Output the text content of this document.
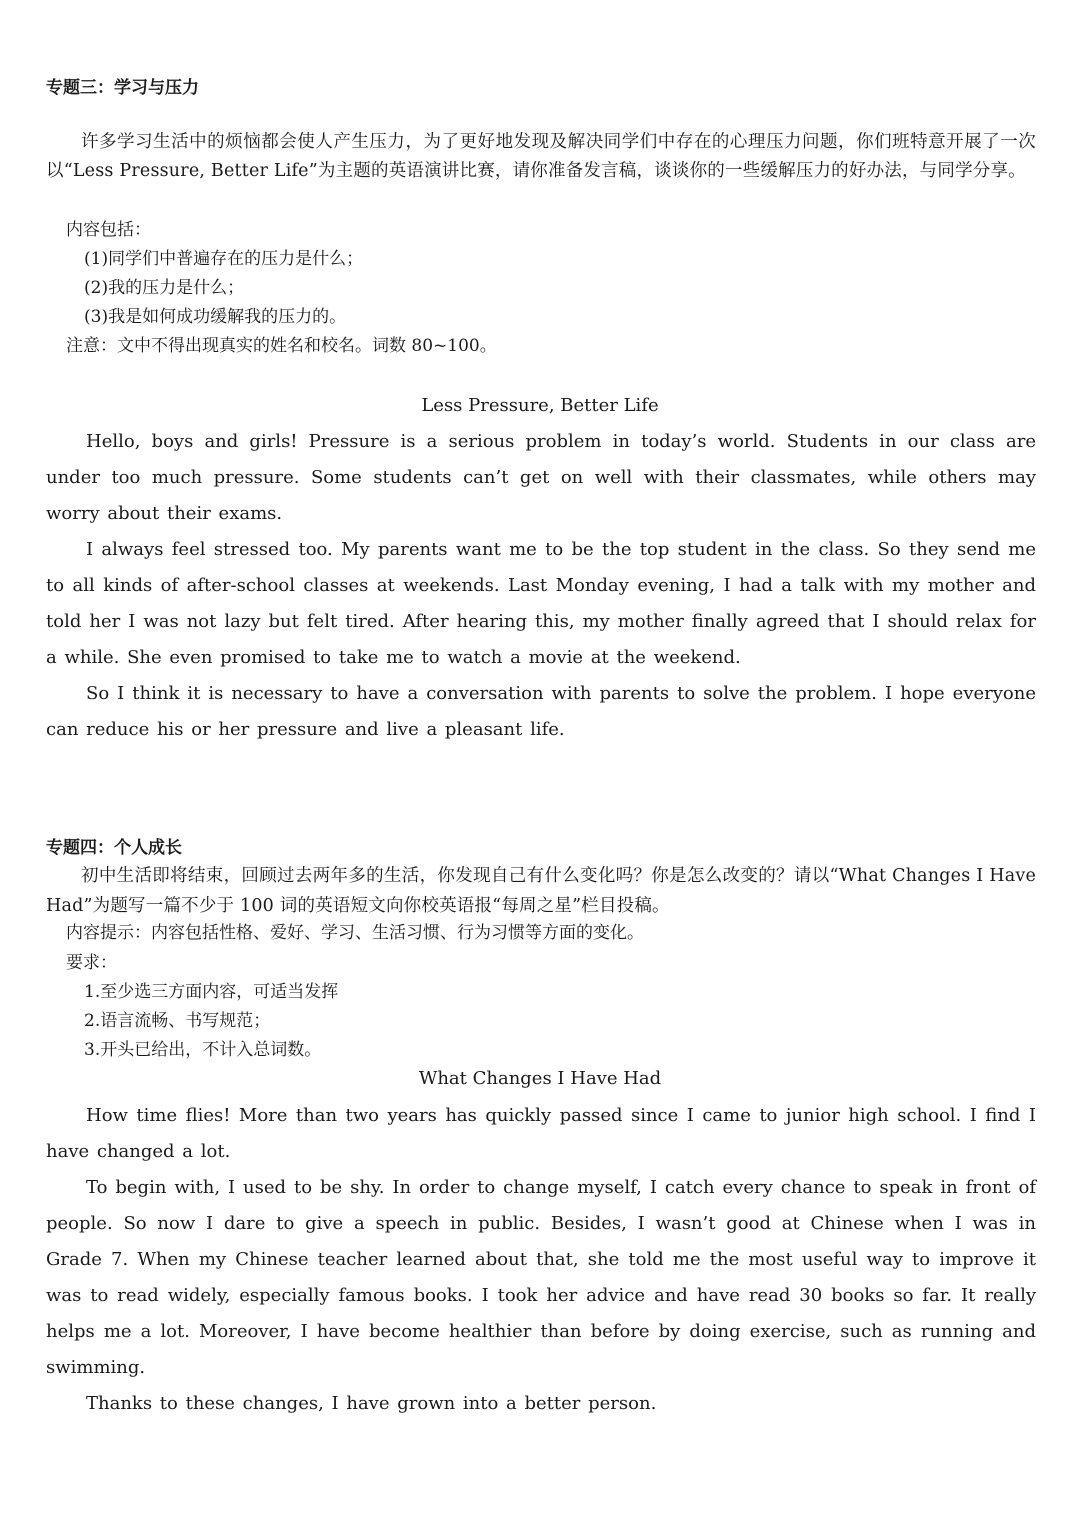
专题三：学习与压力
许多学习生活中的烦恼都会使人产生压力，为了更好地发现及解决同学们中存在的心理压力问题，你们班特意开展了一次以“Less Pressure, Better Life”为主题的英语演讲比赛，请你准备发言稿，谈谈你的一些缓解压力的好办法，与同学分享。
内容包括：
(1)同学们中普遍存在的压力是什么；
(2)我的压力是什么；
(3)我是如何成功缓解我的压力的。
注意：文中不得出现真实的姓名和校名。词数 80~100。
Less Pressure, Better Life

Hello, boys and girls! Pressure is a serious problem in today’s world. Students in our class are under too much pressure. Some students can’t get on well with their classmates, while others may worry about their exams.

I always feel stressed too. My parents want me to be the top student in the class. So they send me to all kinds of after-school classes at weekends. Last Monday evening, I had a talk with my mother and told her I was not lazy but felt tired. After hearing this, my mother finally agreed that I should relax for a while. She even promised to take me to watch a movie at the weekend.

So I think it is necessary to have a conversation with parents to solve the problem. I hope everyone can reduce his or her pressure and live a pleasant life.

专题四：个人成长
初中生活即将结束，回顾过去两年多的生活，你发现自己有什么变化吗？你是怎么改变的？请以“What Changes I Have Had”为题写一篇不少于 100 词的英语短文向你校英语报“每周之星”栏目投稿。
内容提示：内容包括性格、爱好、学习、生活习惯、行为习惯等方面的变化。
要求：
1.至少选三方面内容，可适当发挥
2.语言流畅、书写规范；
3.开头已给出，不计入总词数。
What Changes I Have Had

How time flies! More than two years has quickly passed since I came to junior high school. I find I have changed a lot.

To begin with, I used to be shy. In order to change myself, I catch every chance to speak in front of people. So now I dare to give a speech in public. Besides, I wasn’t good at Chinese when I was in Grade 7. When my Chinese teacher learned about that, she told me the most useful way to improve it was to read widely, especially famous books. I took her advice and have read 30 books so far. It really helps me a lot. Moreover, I have become healthier than before by doing exercise, such as running and swimming.

Thanks to these changes, I have grown into a better person.
